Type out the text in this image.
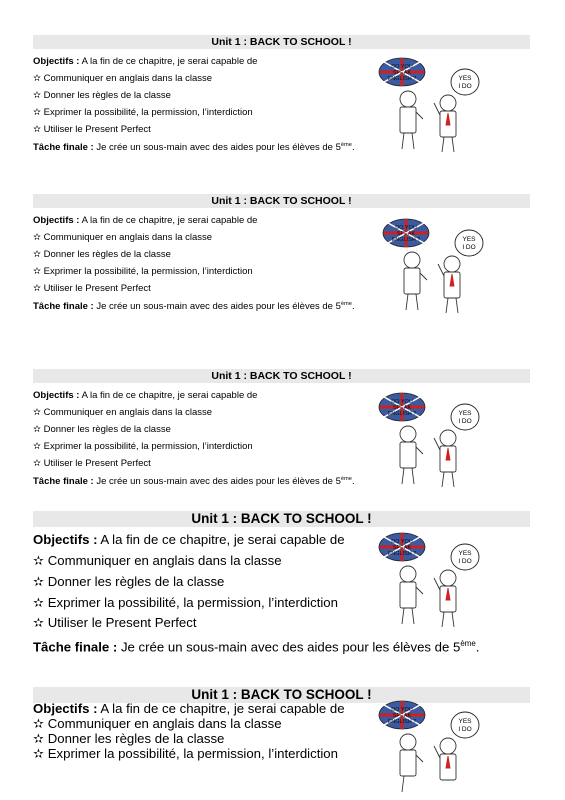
Unit 1 : BACK TO SCHOOL !
Objectifs : A la fin de ce chapitre, je serai capable de
✫ Communiquer en anglais dans la classe
✫ Donner les règles de la classe
✫ Exprimer la possibilité, la permission, l’interdiction
✫ Utiliser le Present Perfect
Tâche finale : Je crée un sous-main avec des aides pour les élèves de 5ème.
Unit 1 : BACK TO SCHOOL !
Objectifs : A la fin de ce chapitre, je serai capable de
✫ Communiquer en anglais dans la classe
✫ Donner les règles de la classe
✫ Exprimer la possibilité, la permission, l’interdiction
✫ Utiliser le Present Perfect
Tâche finale : Je crée un sous-main avec des aides pour les élèves de 5ème.
Unit 1 : BACK TO SCHOOL !
Objectifs : A la fin de ce chapitre, je serai capable de
✫ Communiquer en anglais dans la classe
✫ Donner les règles de la classe
✫ Exprimer la possibilité, la permission, l’interdiction
✫ Utiliser le Present Perfect
Tâche finale : Je crée un sous-main avec des aides pour les élèves de 5ème.
Unit 1 : BACK TO SCHOOL !
Objectifs : A la fin de ce chapitre, je serai capable de
✫ Communiquer en anglais dans la classe
✫ Donner les règles de la classe
✫ Exprimer la possibilité, la permission, l’interdiction
✫ Utiliser le Present Perfect
Tâche finale : Je crée un sous-main avec des aides pour les élèves de 5ème.
Unit 1 : BACK TO SCHOOL !
Objectifs : A la fin de ce chapitre, je serai capable de
✫ Communiquer en anglais dans la classe
✫ Donner les règles de la classe
✫ Exprimer la possibilité, la permission, l’interdiction
DO YOU
SPEAK
ENGLISH ?	YES
I DO
DO YOU
SPEAK
ENGLISH ?	YES
I DO
DO YOU
SPEAK
ENGLISH ?	YES
I DO
DO YOU
SPEAK
ENGLISH ?	YES
I DO
DO YOU
SPEAK
ENGLISH ?	YES
I DO
